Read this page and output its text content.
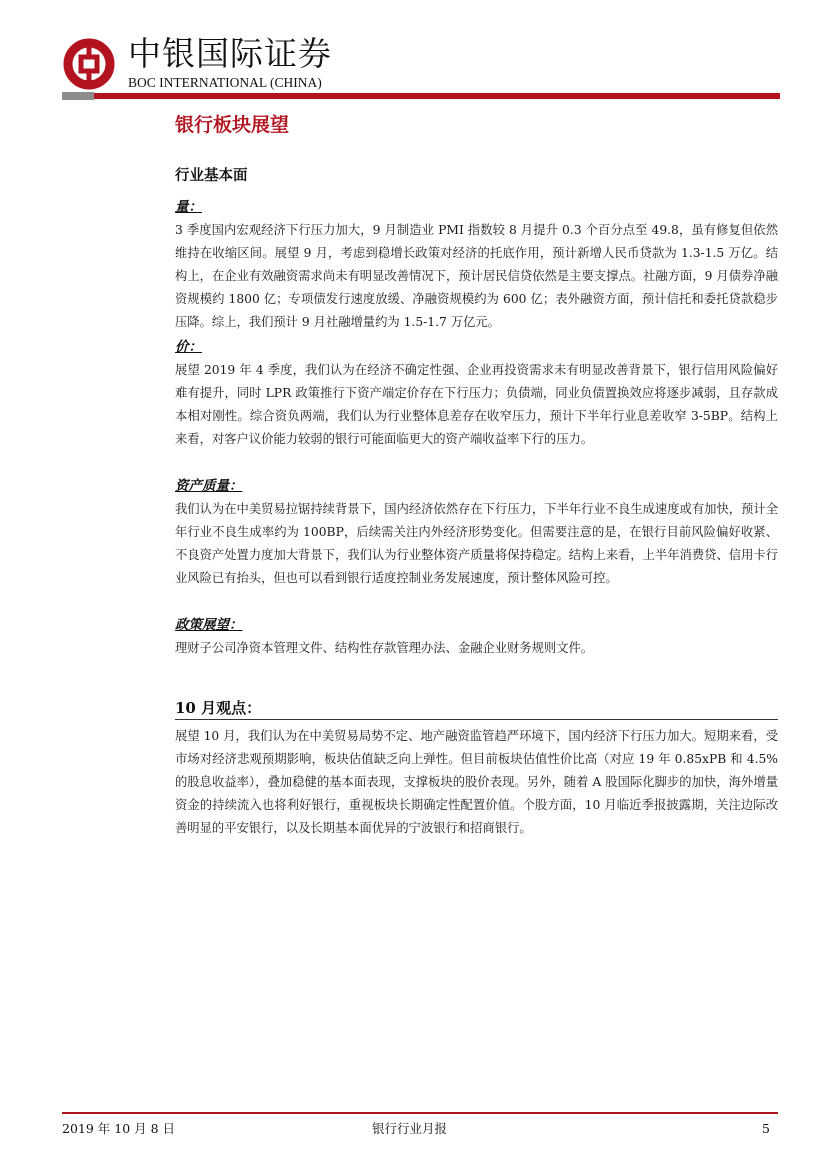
中银国际证券
BOC INTERNATIONAL (CHINA)
银行板块展望
行业基本面
量：

3 季度国内宏观经济下行压力加大，9 月制造业 PMI 指数较 8 月提升 0.3 个百分点至 49.8，虽有修复但依然维持在收缩区间。展望 9 月，考虑到稳增长政策对经济的托底作用，预计新增人民币贷款为 1.3-1.5 万亿。结构上，在企业有效融资需求尚未有明显改善情况下，预计居民信贷依然是主要支撑点。社融方面，9 月债券净融资规模约 1800 亿；专项债发行速度放缓、净融资规模约为 600 亿；表外融资方面，预计信托和委托贷款稳步压降。综上，我们预计 9 月社融增量约为 1.5-1.7 万亿元。

价：

展望 2019 年 4 季度，我们认为在经济不确定性强、企业再投资需求未有明显改善背景下，银行信用风险偏好难有提升，同时 LPR 政策推行下资产端定价存在下行压力；负债端，同业负债置换效应将逐步减弱，且存款成本相对刚性。综合资负两端，我们认为行业整体息差存在收窄压力，预计下半年行业息差收窄 3-5BP。结构上来看，对客户议价能力较弱的银行可能面临更大的资产端收益率下行的压力。

资产质量：

我们认为在中美贸易拉锯持续背景下，国内经济依然存在下行压力，下半年行业不良生成速度或有加快，预计全年行业不良生成率约为 100BP，后续需关注内外经济形势变化。但需要注意的是，在银行目前风险偏好收紧、不良资产处置力度加大背景下，我们认为行业整体资产质量将保持稳定。结构上来看，上半年消费贷、信用卡行业风险已有抬头，但也可以看到银行适度控制业务发展速度，预计整体风险可控。

政策展望：

理财子公司净资本管理文件、结构性存款管理办法、金融企业财务规则文件。

10 月观点：

展望 10 月，我们认为在中美贸易局势不定、地产融资监管趋严环境下，国内经济下行压力加大。短期来看，受市场对经济悲观预期影响，板块估值缺乏向上弹性。但目前板块估值性价比高（对应 19 年 0.85xPB 和 4.5%的股息收益率），叠加稳健的基本面表现，支撑板块的股价表现。另外，随着 A 股国际化脚步的加快，海外增量资金的持续流入也将利好银行，重视板块长期确定性配置价值。个股方面，10 月临近季报披露期，关注边际改善明显的平安银行，以及长期基本面优异的宁波银行和招商银行。

2019 年 10 月 8 日	银行行业月报	5
